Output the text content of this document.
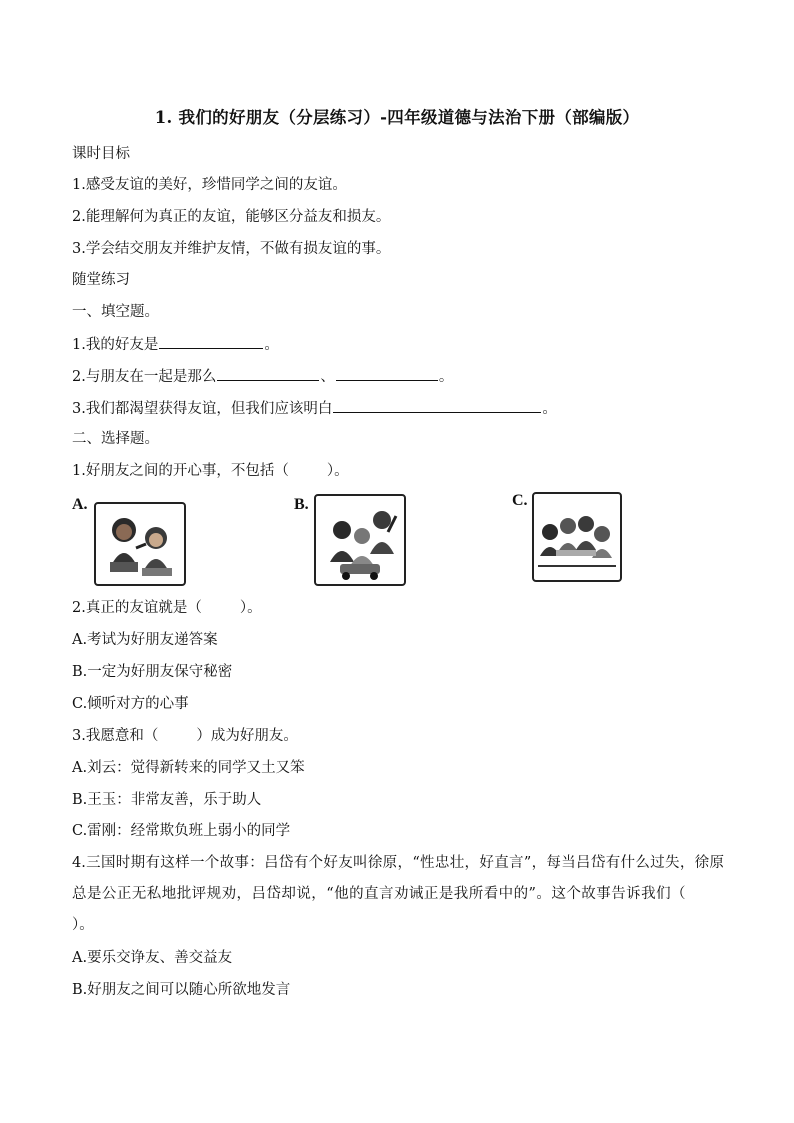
1. 我们的好朋友（分层练习）-四年级道德与法治下册（部编版）
课时目标
1.感受友谊的美好，珍惜同学之间的友谊。
2.能理解何为真正的友谊，能够区分益友和损友。
3.学会结交朋友并维护友情，不做有损友谊的事。
随堂练习
一、填空题。
1.我的好友是	。
2.与朋友在一起是那么	、	。
3.我们都渴望获得友谊，但我们应该明白	。
二、选择题。
1.好朋友之间的开心事，不包括（	）。
A.	B.	C.
2.真正的友谊就是（	）。
A.考试为好朋友递答案
B.一定为好朋友保守秘密
C.倾听对方的心事
3.我愿意和（	）成为好朋友。
A.刘云：觉得新转来的同学又土又笨
B.王玉：非常友善，乐于助人
C.雷刚：经常欺负班上弱小的同学
4.三国时期有这样一个故事：吕岱有个好友叫徐原，“性忠壮，好直言”，每当吕岱有什么过失，徐原总是公正无私地批评规劝，吕岱却说，“他的直言劝诫正是我所看中的”。这个故事告诉我们（）。
A.要乐交诤友、善交益友
B.好朋友之间可以随心所欲地发言
